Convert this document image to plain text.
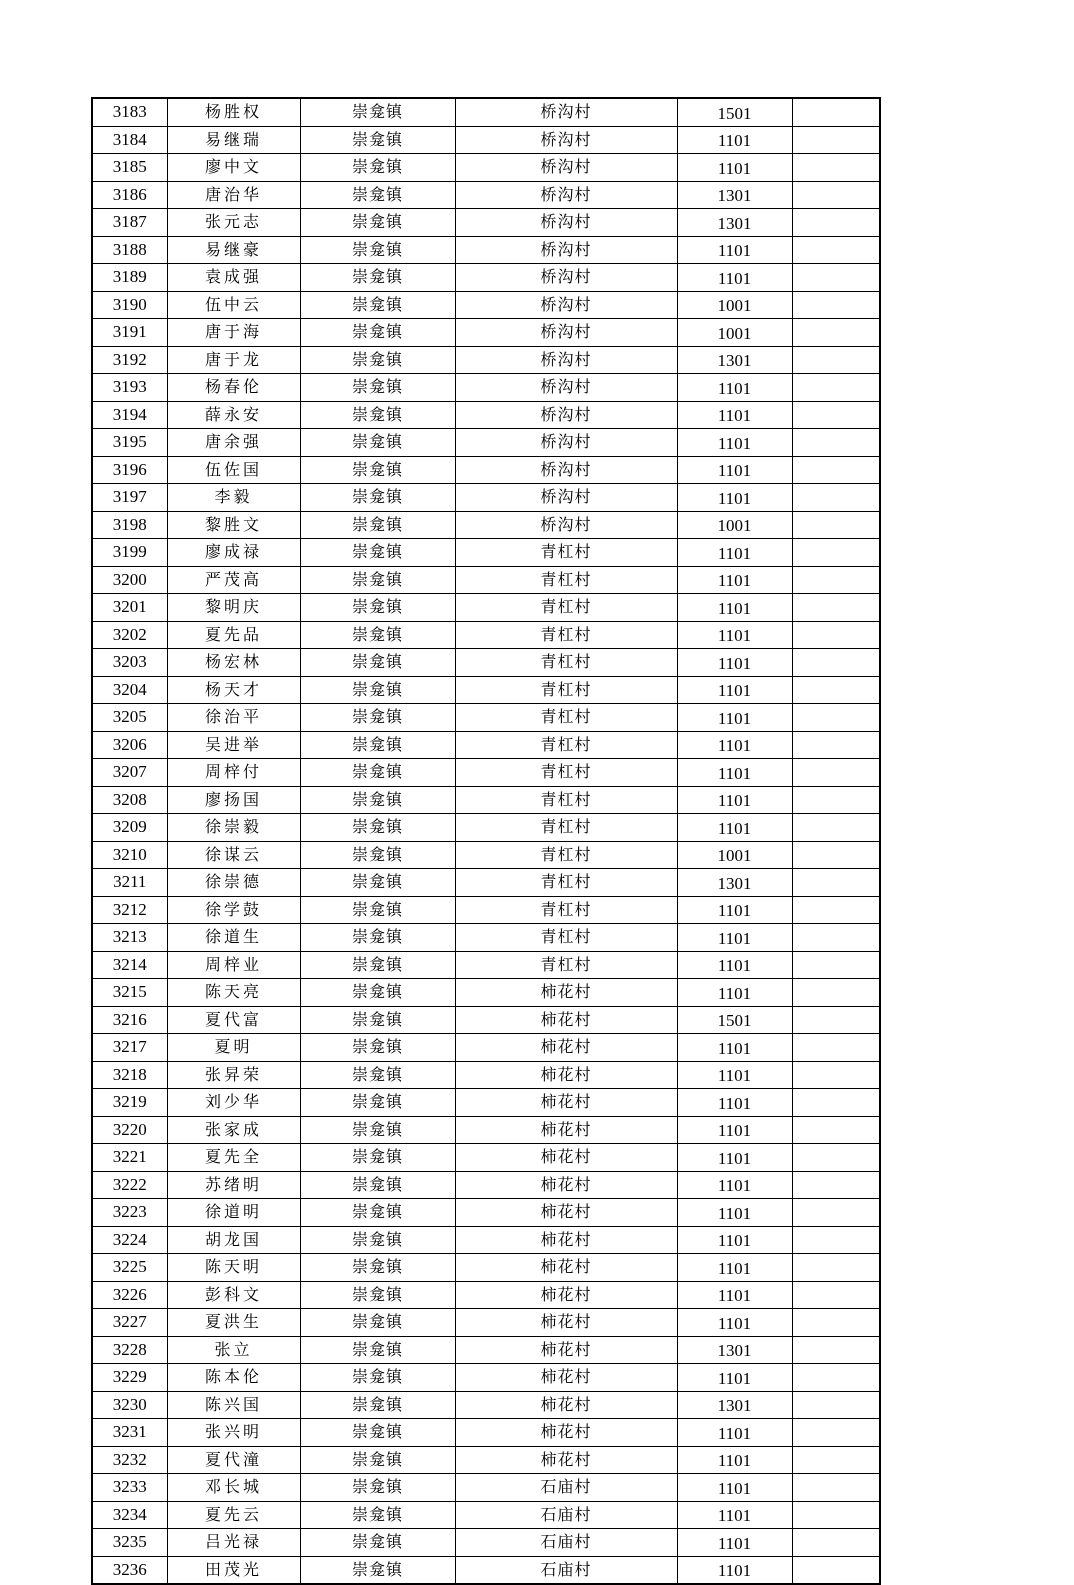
3183	杨胜权	崇龛镇	桥沟村	1501	
3184	易继瑞	崇龛镇	桥沟村	1101	
3185	廖中文	崇龛镇	桥沟村	1101	
3186	唐治华	崇龛镇	桥沟村	1301	
3187	张元志	崇龛镇	桥沟村	1301	
3188	易继豪	崇龛镇	桥沟村	1101	
3189	袁成强	崇龛镇	桥沟村	1101	
3190	伍中云	崇龛镇	桥沟村	1001	
3191	唐于海	崇龛镇	桥沟村	1001	
3192	唐于龙	崇龛镇	桥沟村	1301	
3193	杨春伦	崇龛镇	桥沟村	1101	
3194	薛永安	崇龛镇	桥沟村	1101	
3195	唐余强	崇龛镇	桥沟村	1101	
3196	伍佐国	崇龛镇	桥沟村	1101	
3197	李毅	崇龛镇	桥沟村	1101	
3198	黎胜文	崇龛镇	桥沟村	1001	
3199	廖成禄	崇龛镇	青杠村	1101	
3200	严茂高	崇龛镇	青杠村	1101	
3201	黎明庆	崇龛镇	青杠村	1101	
3202	夏先品	崇龛镇	青杠村	1101	
3203	杨宏林	崇龛镇	青杠村	1101	
3204	杨天才	崇龛镇	青杠村	1101	
3205	徐治平	崇龛镇	青杠村	1101	
3206	吴进举	崇龛镇	青杠村	1101	
3207	周梓付	崇龛镇	青杠村	1101	
3208	廖扬国	崇龛镇	青杠村	1101	
3209	徐崇毅	崇龛镇	青杠村	1101	
3210	徐谋云	崇龛镇	青杠村	1001	
3211	徐崇德	崇龛镇	青杠村	1301	
3212	徐学鼓	崇龛镇	青杠村	1101	
3213	徐道生	崇龛镇	青杠村	1101	
3214	周梓业	崇龛镇	青杠村	1101	
3215	陈天亮	崇龛镇	柿花村	1101	
3216	夏代富	崇龛镇	柿花村	1501	
3217	夏明	崇龛镇	柿花村	1101	
3218	张昇荣	崇龛镇	柿花村	1101	
3219	刘少华	崇龛镇	柿花村	1101	
3220	张家成	崇龛镇	柿花村	1101	
3221	夏先全	崇龛镇	柿花村	1101	
3222	苏绪明	崇龛镇	柿花村	1101	
3223	徐道明	崇龛镇	柿花村	1101	
3224	胡龙国	崇龛镇	柿花村	1101	
3225	陈天明	崇龛镇	柿花村	1101	
3226	彭科文	崇龛镇	柿花村	1101	
3227	夏洪生	崇龛镇	柿花村	1101	
3228	张立	崇龛镇	柿花村	1301	
3229	陈本伦	崇龛镇	柿花村	1101	
3230	陈兴国	崇龛镇	柿花村	1301	
3231	张兴明	崇龛镇	柿花村	1101	
3232	夏代潼	崇龛镇	柿花村	1101	
3233	邓长城	崇龛镇	石庙村	1101	
3234	夏先云	崇龛镇	石庙村	1101	
3235	吕光禄	崇龛镇	石庙村	1101	
3236	田茂光	崇龛镇	石庙村	1101	
